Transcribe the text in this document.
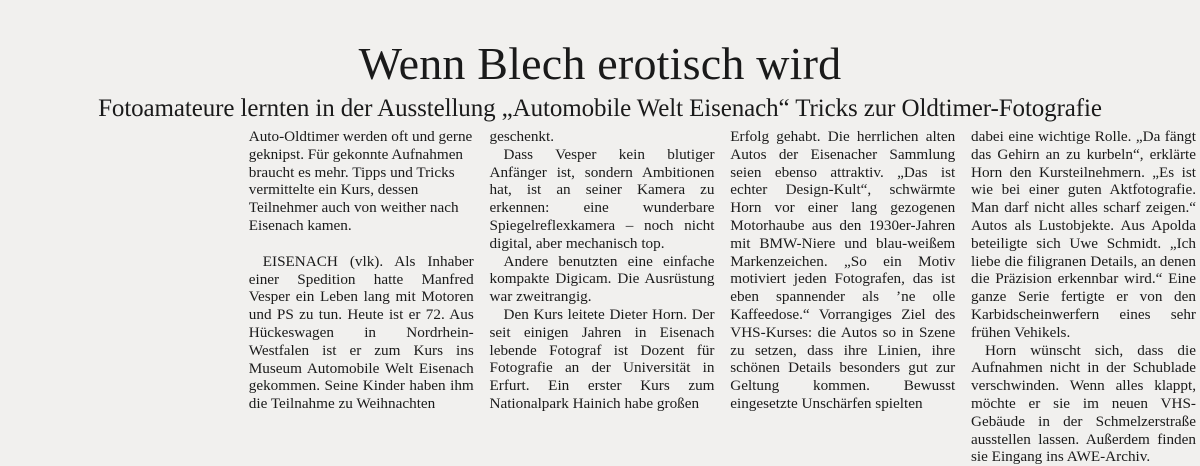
Wenn Blech erotisch wird
Fotoamateure lernten in der Ausstellung „Automobile Welt Eisenach“ Tricks zur Oldtimer-Fotografie

Auto-Oldtimer werden oft und gerne geknipst. Für gekonnte Aufnahmen braucht es mehr. Tipps und Tricks vermittelte ein Kurs, dessen Teilnehmer auch von weither nach Eisenach kamen.

EISENACH (vlk). Als Inhaber einer Spedition hatte Manfred Vesper ein Leben lang mit Motoren und PS zu tun. Heute ist er 72. Aus Hückeswagen in Nordrhein-Westfalen ist er zum Kurs ins Museum Automobile Welt Eisenach gekommen. Seine Kinder haben ihm die Teilnahme zu Weihnachten

geschenkt.

Dass Vesper kein blutiger Anfänger ist, sondern Ambitionen hat, ist an seiner Kamera zu erkennen: eine wunderbare Spiegelreflexkamera – noch nicht digital, aber mechanisch top.

Andere benutzten eine einfache kompakte Digicam. Die Ausrüstung war zweitrangig.

Den Kurs leitete Dieter Horn. Der seit einigen Jahren in Eisenach lebende Fotograf ist Dozent für Fotografie an der Universität in Erfurt. Ein erster Kurs zum Nationalpark Hainich habe großen

Erfolg gehabt. Die herrlichen alten Autos der Eisenacher Sammlung seien ebenso attraktiv. „Das ist echter Design-Kult“, schwärmte Horn vor einer lang gezogenen Motorhaube aus den 1930er-Jahren mit BMW-Niere und blau-weißem Markenzeichen. „So ein Motiv motiviert jeden Fotografen, das ist eben spannender als ’ne olle Kaffeedose.“ Vorrangiges Ziel des VHS-Kurses: die Autos so in Szene zu setzen, dass ihre Linien, ihre schönen Details besonders gut zur Geltung kommen. Bewusst eingesetzte Unschärfen spielten

dabei eine wichtige Rolle. „Da fängt das Gehirn an zu kurbeln“, erklärte Horn den Kursteilnehmern. „Es ist wie bei einer guten Aktfotografie. Man darf nicht alles scharf zeigen.“ Autos als Lustobjekte. Aus Apolda beteiligte sich Uwe Schmidt. „Ich liebe die filigranen Details, an denen die Präzision erkennbar wird.“ Eine ganze Serie fertigte er von den Karbidscheinwerfern eines sehr frühen Vehikels.

Horn wünscht sich, dass die Aufnahmen nicht in der Schublade verschwinden. Wenn alles klappt, möchte er sie im neuen VHS-Gebäude in der Schmelzerstraße ausstellen lassen. Außerdem finden sie Eingang ins AWE-Archiv.
